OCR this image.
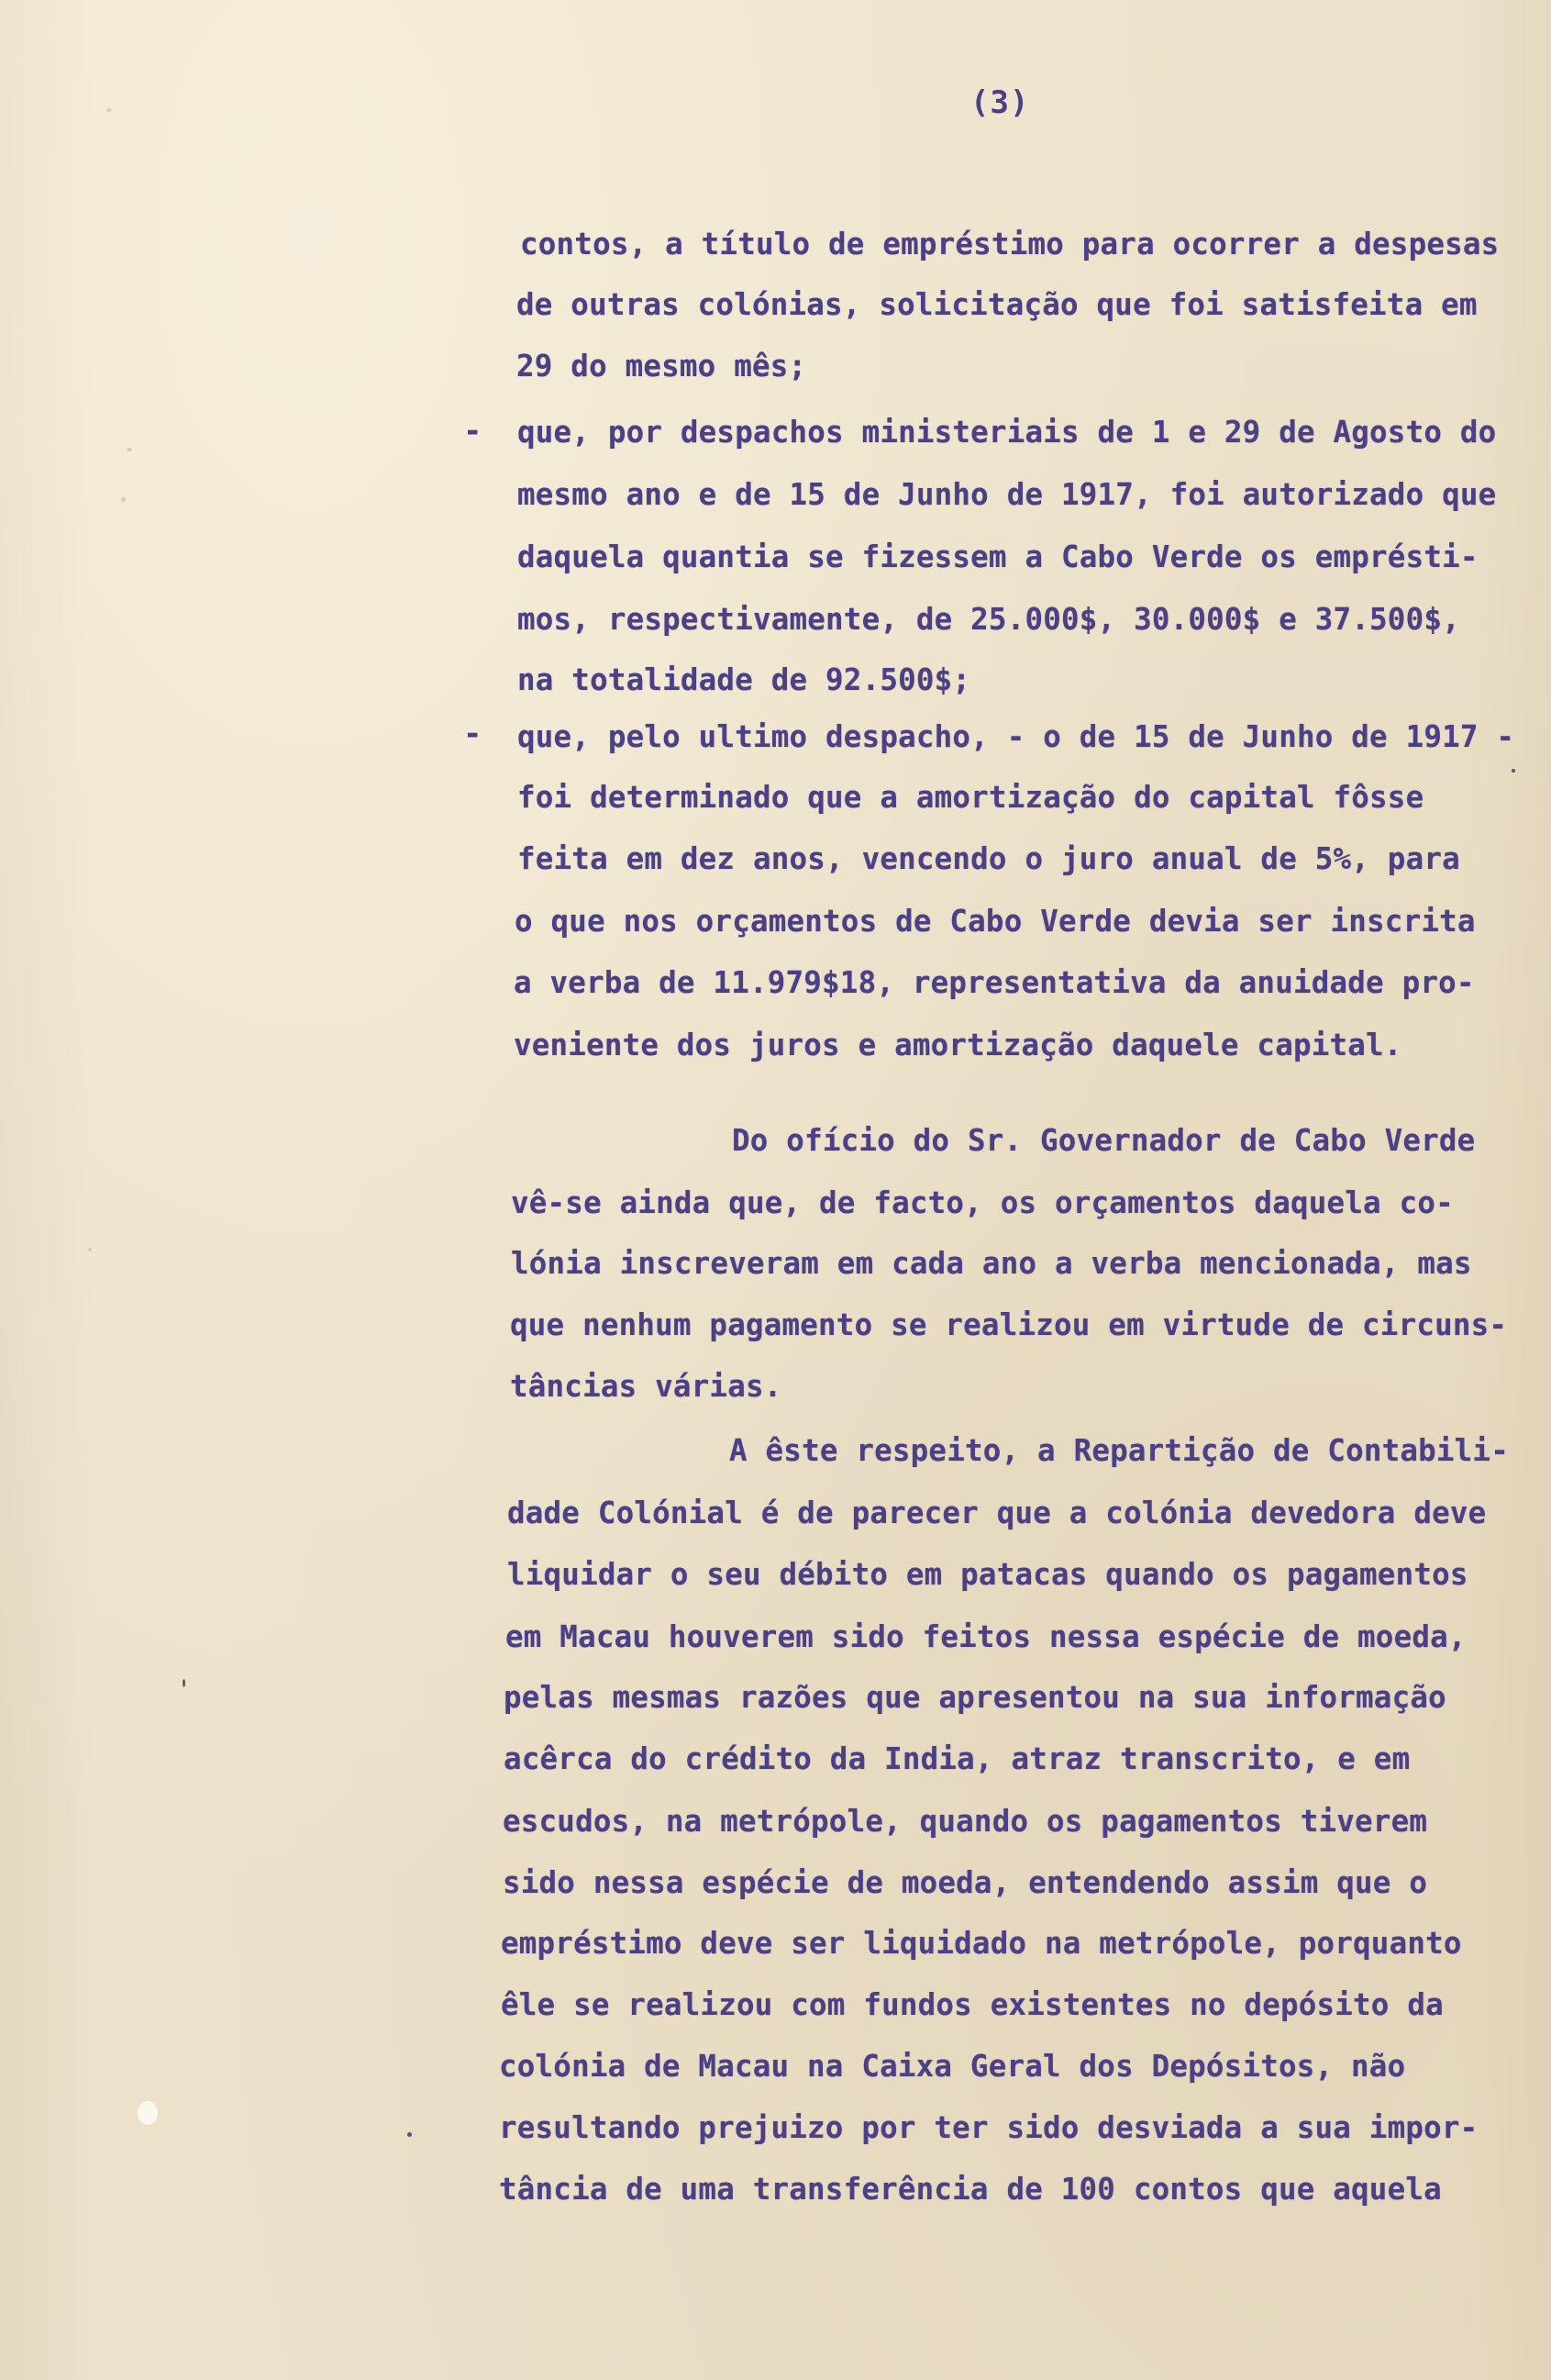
(3)
-
-
contos, a título de empréstimo para ocorrer a despesas
de outras colónias, solicitação que foi satisfeita em
29 do mesmo mês;
que, por despachos ministeriais de 1 e 29 de Agosto do
mesmo ano e de 15 de Junho de 1917, foi autorizado que
daquela quantia se fizessem a Cabo Verde os emprésti-
mos, respectivamente, de 25.000$, 30.000$ e 37.500$,
na totalidade de 92.500$;
que, pelo ultimo despacho, - o de 15 de Junho de 1917 -
foi determinado que a amortização do capital fôsse
feita em dez anos, vencendo o juro anual de 5%, para
o que nos orçamentos de Cabo Verde devia ser inscrita
a verba de 11.979$18, representativa da anuidade pro-
veniente dos juros e amortização daquele capital.
Do ofício do Sr. Governador de Cabo Verde
vê-se ainda que, de facto, os orçamentos daquela co-
lónia inscreveram em cada ano a verba mencionada, mas
que nenhum pagamento se realizou em virtude de circuns-
tâncias várias.
A êste respeito, a Repartição de Contabili-
dade Colónial é de parecer que a colónia devedora deve
liquidar o seu débito em patacas quando os pagamentos
em Macau houverem sido feitos nessa espécie de moeda,
pelas mesmas razões que apresentou na sua informação
acêrca do crédito da India, atraz transcrito, e em
escudos, na metrópole, quando os pagamentos tiverem
sido nessa espécie de moeda, entendendo assim que o
empréstimo deve ser liquidado na metrópole, porquanto
êle se realizou com fundos existentes no depósito da
colónia de Macau na Caixa Geral dos Depósitos, não
resultando prejuizo por ter sido desviada a sua impor-
tância de uma transferência de 100 contos que aquela
